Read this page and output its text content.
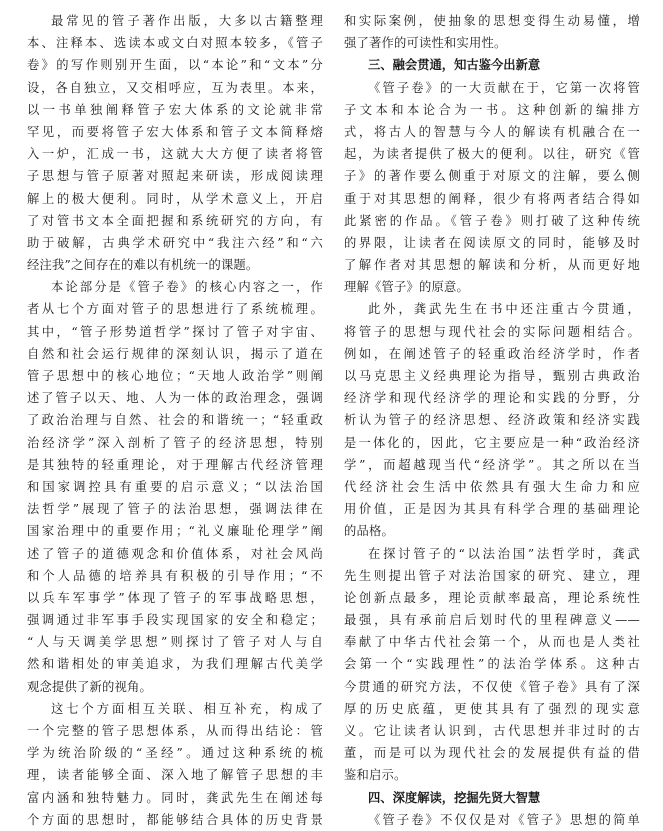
最常见的管子著作出版，大多以古籍整理
本、注释本、选读本或文白对照本较多，《管子
卷》的写作则别开生面，以“本论”和“文本”分
设，各自独立，又交相呼应，互为表里。本来，
以一书单独阐释管子宏大体系的文论就非常
罕见，而要将管子宏大体系和管子文本简释熔
入一炉，汇成一书，这就大大方便了读者将管
子思想与管子原著对照起来研读，形成阅读理
解上的极大便利。同时，从学术意义上，开启
了对管书文本全面把握和系统研究的方向，有
助于破解，古典学术研究中“我注六经”和“六
经注我”之间存在的难以有机统一的课题。
本论部分是《管子卷》的核心内容之一，作
者从七个方面对管子的思想进行了系统梳理。
其中，“管子形势道哲学”探讨了管子对宇宙、
自然和社会运行规律的深刻认识，揭示了道在
管子思想中的核心地位；“天地人政治学”则阐
述了管子以天、地、人为一体的政治理念，强调
了政治治理与自然、社会的和谐统一；“轻重政
治经济学”深入剖析了管子的经济思想，特别
是其独特的轻重理论，对于理解古代经济管理
和国家调控具有重要的启示意义；“以法治国
法哲学”展现了管子的法治思想，强调法律在
国家治理中的重要作用；“礼义廉耻伦理学”阐
述了管子的道德观念和价值体系，对社会风尚
和个人品德的培养具有积极的引导作用；“不
以兵车军事学”体现了管子的军事战略思想，
强调通过非军事手段实现国家的安全和稳定；
“人与天调美学思想”则探讨了管子对人与自
然和谐相处的审美追求，为我们理解古代美学
观念提供了新的视角。
这七个方面相互关联、相互补充，构成了
一个完整的管子思想体系，从而得出结论：管
学为统治阶级的“圣经”。通过这种系统的梳
理，读者能够全面、深入地了解管子思想的丰
富内涵和独特魅力。同时，龚武先生在阐述每
个方面的思想时，都能够结合具体的历史背景
和实际案例，使抽象的思想变得生动易懂，增
强了著作的可读性和实用性。
三、融会贯通，知古鉴今出新意
《管子卷》的一大贡献在于，它第一次将管
子文本和本论合为一书。这种创新的编排方
式，将古人的智慧与今人的解读有机融合在一
起，为读者提供了极大的便利。以往，研究《管
子》的著作要么侧重于对原文的注解，要么侧
重于对其思想的阐释，很少有将两者结合得如
此紧密的作品。《管子卷》则打破了这种传统
的界限，让读者在阅读原文的同时，能够及时
了解作者对其思想的解读和分析，从而更好地
理解《管子》的原意。
此外，龚武先生在书中还注重古今贯通，
将管子的思想与现代社会的实际问题相结合。
例如，在阐述管子的轻重政治经济学时，作者
以马克思主义经典理论为指导，甄别古典政治
经济学和现代经济学的理论和实践的分野，分
析认为管子的经济思想、经济政策和经济实践
是一体化的，因此，它主要应是一种“政治经济
学”，而超越现当代“经济学”。其之所以在当
代经济社会生活中依然具有强大生命力和应
用价值，正是因为其具有科学合理的基础理论
的品格。
在探讨管子的“以法治国”法哲学时，龚武
先生则提出管子对法治国家的研究、建立，理
论创新点最多，理论贡献率最高，理论系统性
最强，具有承前启后划时代的里程碑意义——
奉献了中华古代社会第一个，从而也是人类社
会第一个“实践理性”的法治学体系。这种古
今贯通的研究方法，不仅使《管子卷》具有了深
厚的历史底蕴，更使其具有了强烈的现实意
义。它让读者认识到，古代思想并非过时的古
董，而是可以为现代社会的发展提供有益的借
鉴和启示。
四、深度解读，挖掘先贤大智慧
《管子卷》不仅仅是对《管子》思想的简单
